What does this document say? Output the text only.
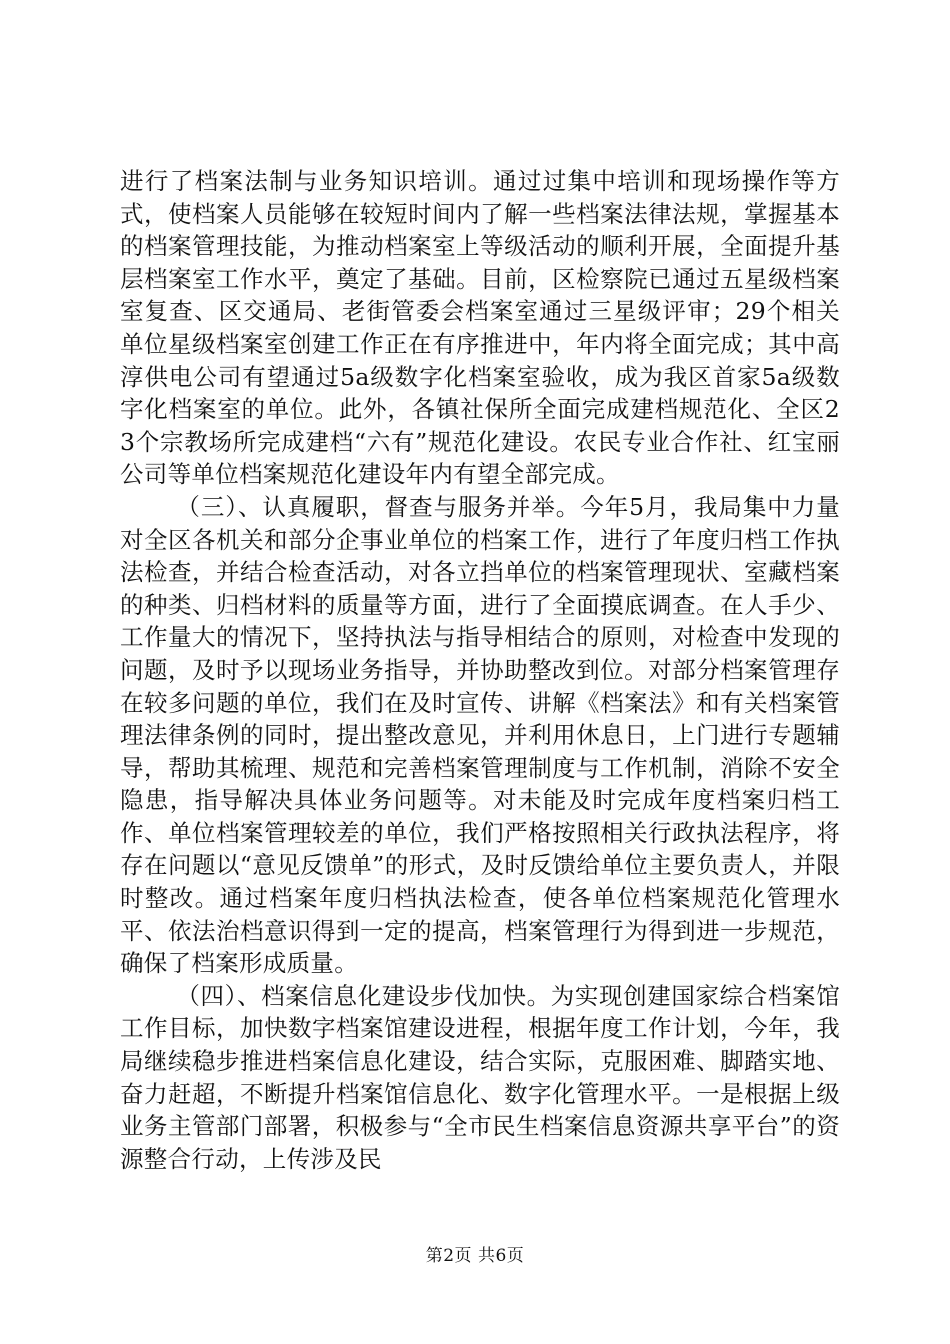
进行了档案法制与业务知识培训。通过过集中培训和现场操作等方式，使档案人员能够在较短时间内了解一些档案法律法规，掌握基本的档案管理技能，为推动档案室上等级活动的顺利开展，全面提升基层档案室工作水平，奠定了基础。目前，区检察院已通过五星级档案室复查、区交通局、老街管委会档案室通过三星级评审；29个相关单位星级档案室创建工作正在有序推进中，年内将全面完成；其中高淳供电公司有望通过5a级数字化档案室验收，成为我区首家5a级数字化档案室的单位。此外，各镇社保所全面完成建档规范化、全区23个宗教场所完成建档“六有”规范化建设。农民专业合作社、红宝丽公司等单位档案规范化建设年内有望全部完成。

（三）、认真履职，督查与服务并举。今年5月，我局集中力量对全区各机关和部分企事业单位的档案工作，进行了年度归档工作执法检查，并结合检查活动，对各立挡单位的档案管理现状、室藏档案的种类、归档材料的质量等方面，进行了全面摸底调查。在人手少、工作量大的情况下，坚持执法与指导相结合的原则，对检查中发现的问题，及时予以现场业务指导，并协助整改到位。对部分档案管理存在较多问题的单位，我们在及时宣传、讲解《档案法》和有关档案管理法律条例的同时，提出整改意见，并利用休息日，上门进行专题辅导，帮助其梳理、规范和完善档案管理制度与工作机制，消除不安全隐患，指导解决具体业务问题等。对未能及时完成年度档案归档工作、单位档案管理较差的单位，我们严格按照相关行政执法程序，将存在问题以“意见反馈单”的形式，及时反馈给单位主要负责人，并限时整改。通过档案年度归档执法检查，使各单位档案规范化管理水平、依法治档意识得到一定的提高，档案管理行为得到进一步规范，确保了档案形成质量。

（四）、档案信息化建设步伐加快。为实现创建国家综合档案馆工作目标，加快数字档案馆建设进程，根据年度工作计划，今年，我局继续稳步推进档案信息化建设，结合实际，克服困难、脚踏实地、奋力赶超，不断提升档案馆信息化、数字化管理水平。一是根据上级业务主管部门部署，积极参与“全市民生档案信息资源共享平台”的资源整合行动，上传涉及民

第2页 共6页
